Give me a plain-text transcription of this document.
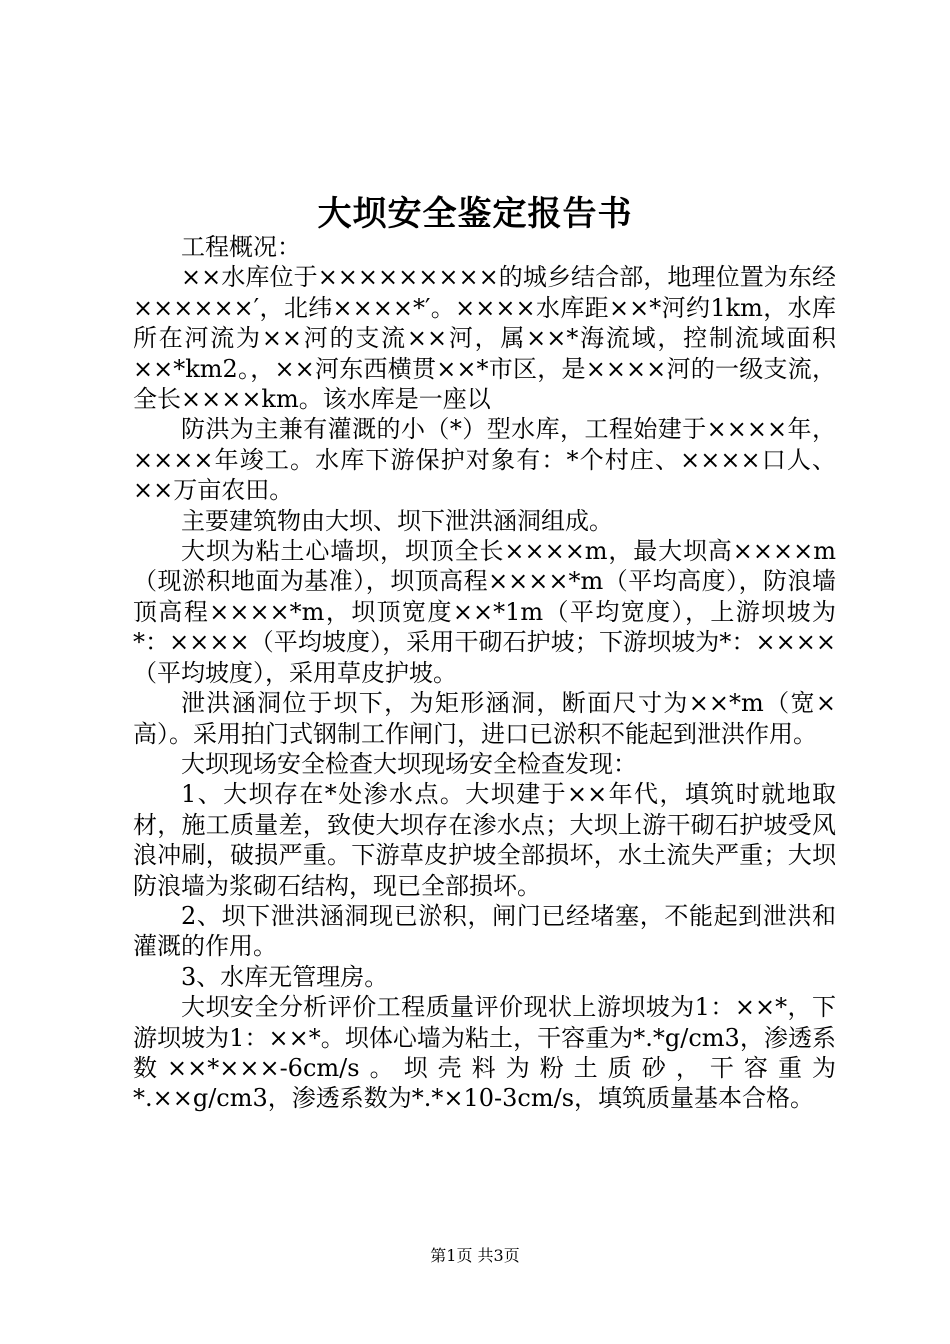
大坝安全鉴定报告书

工程概况：

××水库位于×××××××××的城乡结合部，地理位置为东经××××××′，北纬××××*′。××××水库距××*河约1km，水库所在河流为××河的支流××河，属××*海流域，控制流域面积××*km2。，××河东西横贯××*市区，是××××河的一级支流，全长××××km。该水库是一座以

防洪为主兼有灌溉的小（*）型水库，工程始建于××××年，××××年竣工。水库下游保护对象有：*个村庄、××××口人、××万亩农田。

主要建筑物由大坝、坝下泄洪涵洞组成。

大坝为粘土心墙坝，坝顶全长××××m，最大坝高××××m（现淤积地面为基准），坝顶高程××××*m（平均高度），防浪墙顶高程××××*m，坝顶宽度××*1m（平均宽度），上游坝坡为*：××××（平均坡度），采用干砌石护坡；下游坝坡为*：××××（平均坡度），采用草皮护坡。

泄洪涵洞位于坝下，为矩形涵洞，断面尺寸为××*m（宽×高）。采用拍门式钢制工作闸门，进口已淤积不能起到泄洪作用。

大坝现场安全检查大坝现场安全检查发现：

1、大坝存在*处渗水点。大坝建于××年代，填筑时就地取材，施工质量差，致使大坝存在渗水点；大坝上游干砌石护坡受风浪冲刷，破损严重。下游草皮护坡全部损坏，水土流失严重；大坝防浪墙为浆砌石结构，现已全部损坏。

2、坝下泄洪涵洞现已淤积，闸门已经堵塞，不能起到泄洪和灌溉的作用。

3、水库无管理房。

大坝安全分析评价工程质量评价现状上游坝坡为1：××*，下游坝坡为1：××*。坝体心墙为粘土，干容重为*.*g/cm3，渗透系数××*×××-6cm/s。坝壳料为粉土质砂，干容重为*.××g/cm3，渗透系数为*.*×10-3cm/s，填筑质量基本合格。

第1页 共3页
